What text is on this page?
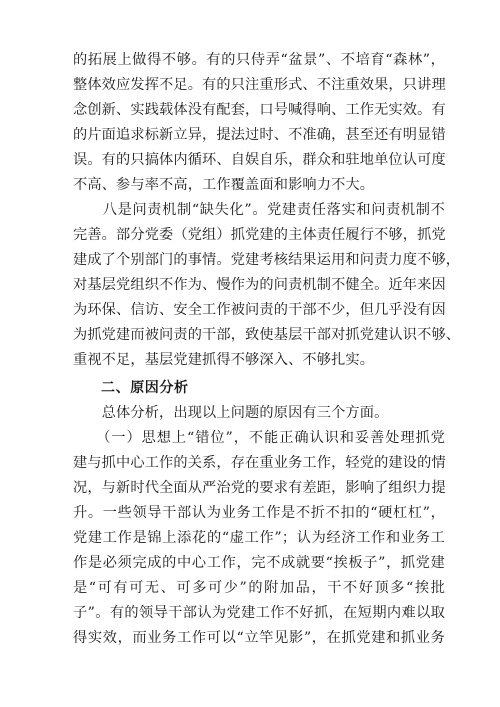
的拓展上做得不够。有的只侍弄“盆景”、不培育“森林”，
整体效应发挥不足。有的只注重形式、不注重效果，只讲理
念创新、实践载体没有配套，口号喊得响、工作无实效。有
的片面追求标新立异，提法过时、不准确，甚至还有明显错
误。有的只搞体内循环、自娱自乐，群众和驻地单位认可度
不高、参与率不高，工作覆盖面和影响力不大。
　　八是问责机制“缺失化”。党建责任落实和问责机制不
完善。部分党委（党组）抓党建的主体责任履行不够，抓党
建成了个别部门的事情。党建考核结果运用和问责力度不够，
对基层党组织不作为、慢作为的问责机制不健全。近年来因
为环保、信访、安全工作被问责的干部不少，但几乎没有因
为抓党建而被问责的干部，致使基层干部对抓党建认识不够、
重视不足，基层党建抓得不够深入、不够扎实。
二、原因分析
　　总体分析，出现以上问题的原因有三个方面。
　　（一）思想上“错位”，不能正确认识和妥善处理抓党
建与抓中心工作的关系，存在重业务工作，轻党的建设的情
况，与新时代全面从严治党的要求有差距，影响了组织力提
升。一些领导干部认为业务工作是不折不扣的“硬杠杠”，
党建工作是锦上添花的“虚工作”；认为经济工作和业务工
作是必须完成的中心工作，完不成就要“挨板子”，抓党建
是“可有可无、可多可少”的附加品，干不好顶多“挨批
子”。有的领导干部认为党建工作不好抓，在短期内难以取
得实效，而业务工作可以“立竿见影”，在抓党建和抓业务
